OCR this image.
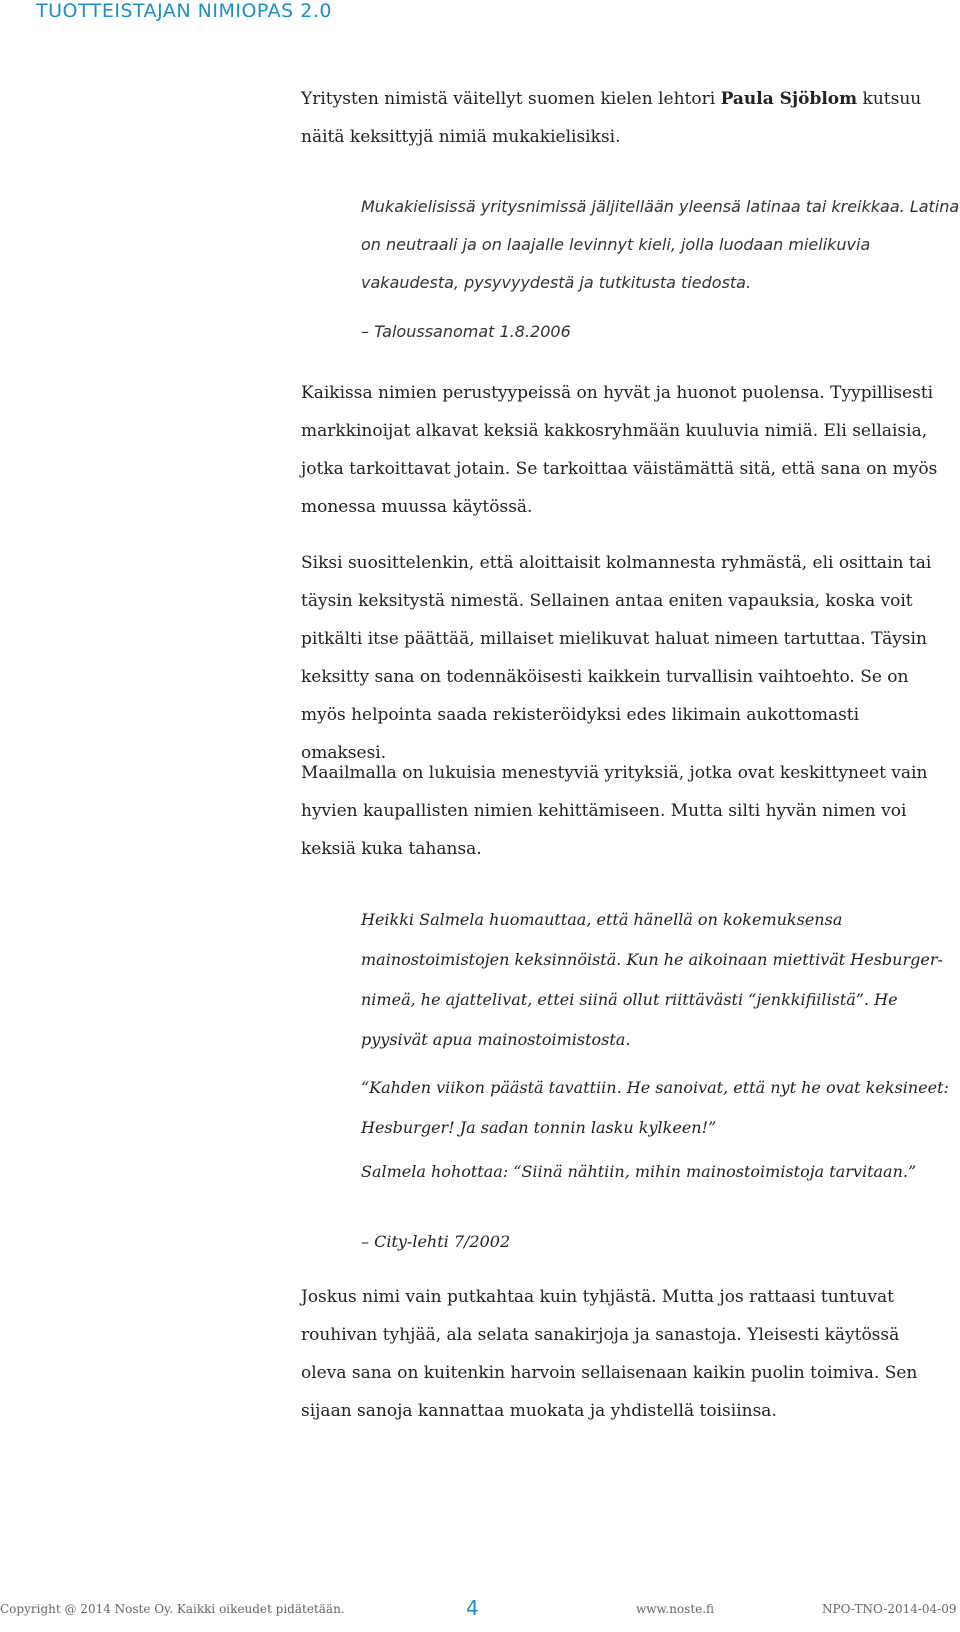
TUOTTEISTAJAN NIMIOPAS 2.0

Yritysten nimistä väitellyt suomen kielen lehtori Paula Sjöblom kutsuu näitä keksittyjä nimiä mukakielisiksi.

Mukakielisissä yritysnimissä jäljitellään yleensä latinaa tai kreikkaa. Latina on neutraali ja on laajalle levinnyt kieli, jolla luodaan mielikuvia vakaudesta, pysyvyydestä ja tutkitusta tiedosta.

– Taloussanomat 1.8.2006

Kaikissa nimien perustyypeissä on hyvät ja huonot puolensa. Tyypillisesti markkinoijat alkavat keksiä kakkosryhmään kuuluvia nimiä. Eli sellaisia, jotka tarkoittavat jotain. Se tarkoittaa väistämättä sitä, että sana on myös monessa muussa käytössä.

Siksi suosittelenkin, että aloittaisit kolmannesta ryhmästä, eli osittain tai täysin keksitystä nimestä. Sellainen antaa eniten vapauksia, koska voit pitkälti itse päättää, millaiset mielikuvat haluat nimeen tartuttaa. Täysin keksitty sana on todennäköisesti kaikkein turvallisin vaihtoehto. Se on myös helpointa saada rekisteröidyksi edes likimain aukottomasti omaksesi.

Maailmalla on lukuisia menestyviä yrityksiä, jotka ovat keskittyneet vain hyvien kaupallisten nimien kehittämiseen. Mutta silti hyvän nimen voi keksiä kuka tahansa.

Heikki Salmela huomauttaa, että hänellä on kokemuksensa mainostoimistojen keksinnöistä. Kun he aikoinaan miettivät Hesburger-nimeä, he ajattelivat, ettei siinä ollut riittävästi “jenkkifiilistä”. He pyysivät apua mainostoimistosta.

“Kahden viikon päästä tavattiin. He sanoivat, että nyt he ovat keksineet: Hesburger! Ja sadan tonnin lasku kylkeen!”

Salmela hohottaa: “Siinä nähtiin, mihin mainostoimistoja tarvitaan.”

– City-lehti 7/2002

Joskus nimi vain putkahtaa kuin tyhjästä. Mutta jos rattaasi tuntuvat rouhivan tyhjää, ala selata sanakirjoja ja sanastoja. Yleisesti käytössä oleva sana on kuitenkin harvoin sellaisenaan kaikin puolin toimiva. Sen sijaan sanoja kannattaa muokata ja yhdistellä toisiinsa.

Copyright @ 2014 Noste Oy. Kaikki oikeudet pidätetään.	4	www.noste.fi	NPO-TNO-2014-04-09
